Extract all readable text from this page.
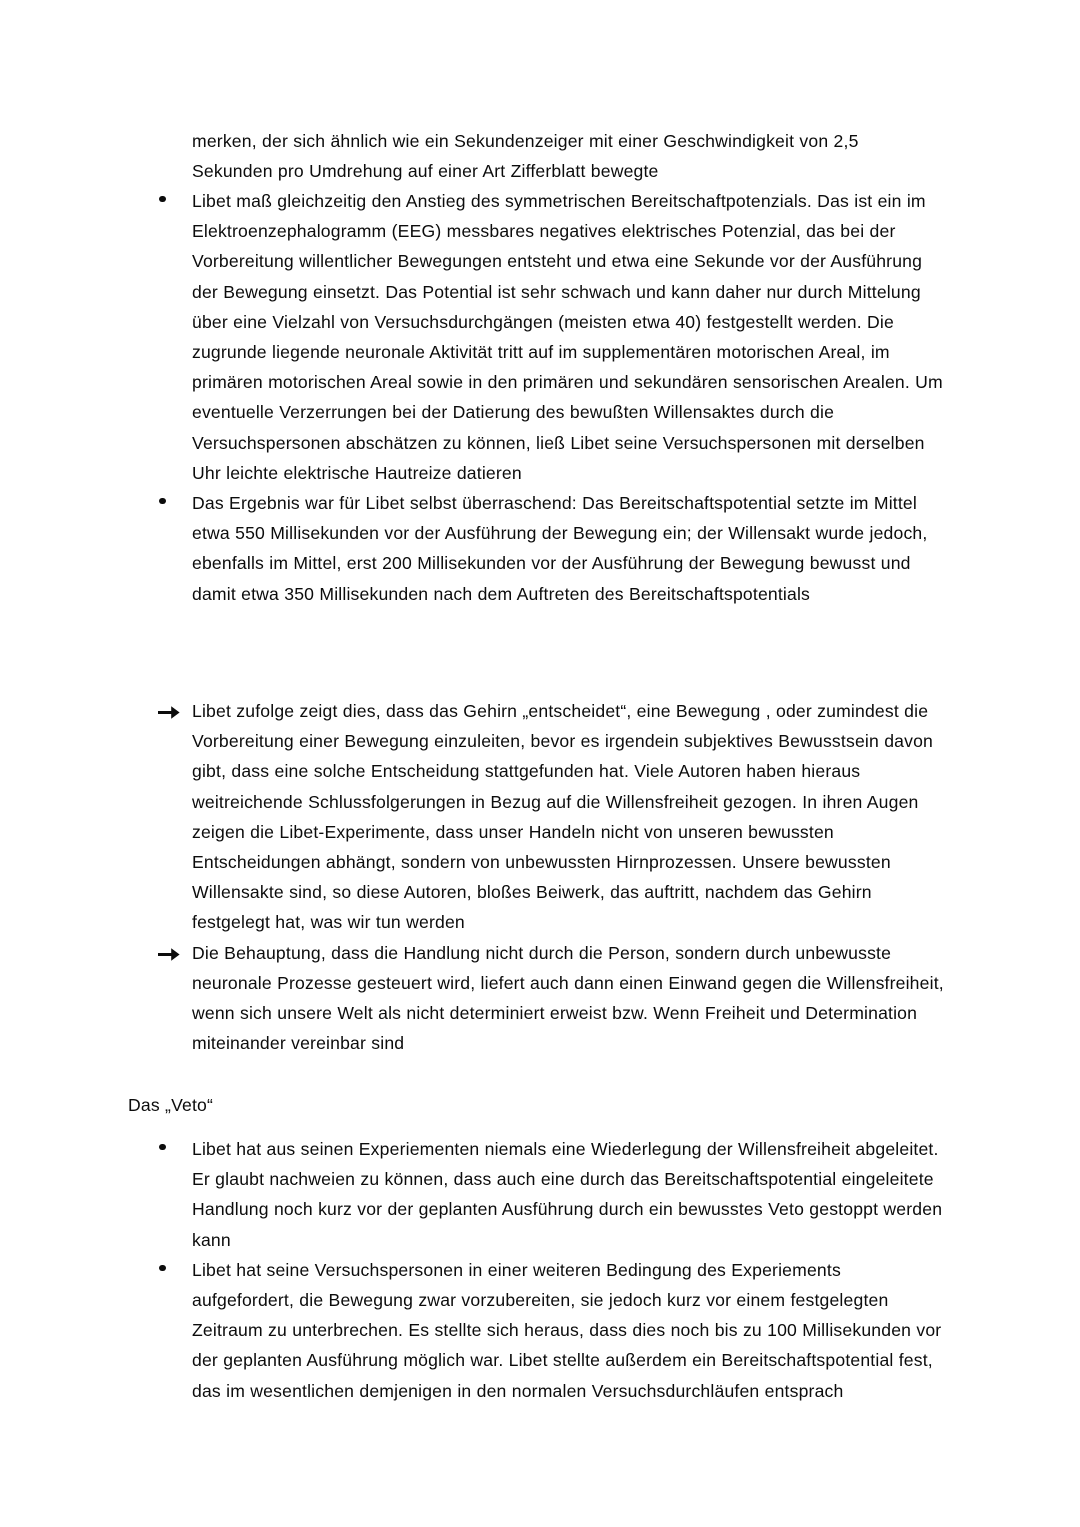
merken, der sich ähnlich wie ein Sekundenzeiger mit einer Geschwindigkeit von 2,5 Sekunden pro Umdrehung auf einer Art Zifferblatt bewegte
Libet maß gleichzeitig den Anstieg des symmetrischen Bereitschaftpotenzials. Das ist ein im Elektroenzephalogramm (EEG) messbares negatives elektrisches Potenzial, das bei der Vorbereitung willentlicher Bewegungen entsteht und etwa eine Sekunde vor der Ausführung der Bewegung einsetzt. Das Potential ist sehr schwach und kann daher nur durch Mittelung über eine Vielzahl von Versuchsdurchgängen (meisten etwa 40) festgestellt werden. Die zugrunde liegende neuronale Aktivität tritt auf im supplementären motorischen Areal, im primären motorischen Areal sowie in den primären und sekundären sensorischen Arealen. Um eventuelle Verzerrungen bei der Datierung des bewußten Willensaktes durch die Versuchspersonen abschätzen zu können, ließ Libet seine Versuchspersonen mit derselben Uhr leichte elektrische Hautreize datieren
Das Ergebnis war für Libet selbst überraschend: Das Bereitschaftspotential setzte im Mittel etwa 550 Millisekunden vor der Ausführung der Bewegung ein; der Willensakt wurde jedoch, ebenfalls im Mittel, erst 200 Millisekunden vor der Ausführung der Bewegung bewusst und damit etwa 350 Millisekunden nach dem Auftreten des Bereitschaftspotentials
Libet zufolge zeigt dies, dass das Gehirn „entscheidet“, eine Bewegung , oder zumindest die Vorbereitung einer Bewegung einzuleiten, bevor es irgendein subjektives Bewusstsein davon gibt, dass eine solche Entscheidung stattgefunden hat. Viele Autoren haben hieraus weitreichende Schlussfolgerungen in Bezug auf die Willensfreiheit gezogen. In ihren Augen zeigen die Libet-Experimente, dass unser Handeln nicht von unseren bewussten Entscheidungen abhängt, sondern von unbewussten Hirnprozessen. Unsere bewussten Willensakte sind, so diese Autoren, bloßes Beiwerk, das auftritt, nachdem das Gehirn festgelegt hat, was wir tun werden
Die Behauptung, dass die Handlung nicht durch die Person, sondern durch unbewusste neuronale Prozesse gesteuert wird, liefert auch dann einen Einwand gegen die Willensfreiheit, wenn sich unsere Welt als nicht determiniert erweist bzw. Wenn Freiheit und Determination miteinander vereinbar sind
Das „Veto“
Libet hat aus seinen Experiementen niemals eine Wiederlegung der Willensfreiheit abgeleitet. Er glaubt nachweien zu können, dass auch eine durch das Bereitschaftspotential eingeleitete Handlung noch kurz vor der geplanten Ausführung durch ein bewusstes Veto gestoppt werden kann
Libet hat seine Versuchspersonen in einer weiteren Bedingung des Experiements aufgefordert, die Bewegung zwar vorzubereiten, sie jedoch kurz vor einem festgelegten Zeitraum zu unterbrechen. Es stellte sich heraus, dass dies noch bis zu 100 Millisekunden vor der geplanten Ausführung möglich war. Libet stellte außerdem ein Bereitschaftspotential fest, das im wesentlichen demjenigen in den normalen Versuchsdurchläufen entsprach
